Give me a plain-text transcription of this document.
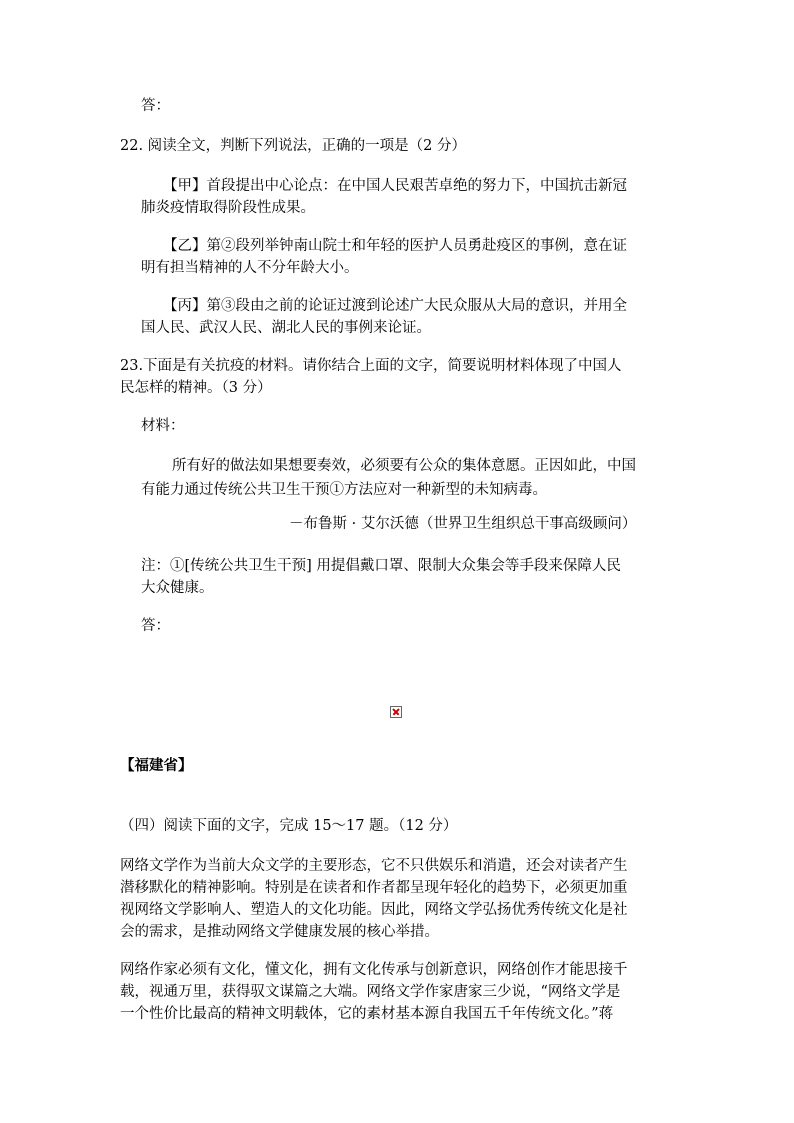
答：
22. 阅读全文，判断下列说法，正确的一项是（2 分）
【甲】首段提出中心论点：在中国人民艰苦卓绝的努力下，中国抗击新冠
肺炎疫情取得阶段性成果。
【乙】第②段列举钟南山院士和年轻的医护人员勇赴疫区的事例，意在证
明有担当精神的人不分年龄大小。
【丙】第③段由之前的论证过渡到论述广大民众服从大局的意识，并用全
国人民、武汉人民、湖北人民的事例来论证。
23.下面是有关抗疫的材料。请你结合上面的文字，简要说明材料体现了中国人
民怎样的精神。（3 分）
材料：
所有好的做法如果想要奏效，必须要有公众的集体意愿。正因如此，中国
有能力通过传统公共卫生干预①方法应对一种新型的未知病毒。
－布鲁斯 · 艾尔沃德（世界卫生组织总干事高级顾问）
注：①[传统公共卫生干预] 用提倡戴口罩、限制大众集会等手段来保障人民
大众健康。
答：
【福建省】
（四）阅读下面的文字，完成 15～17 题。（12 分）
网络文学作为当前大众文学的主要形态，它不只供娱乐和消遣，还会对读者产生
潜移默化的精神影响。特别是在读者和作者都呈现年轻化的趋势下，必须更加重
视网络文学影响人、塑造人的文化功能。因此，网络文学弘扬优秀传统文化是社
会的需求，是推动网络文学健康发展的核心举措。
网络作家必须有文化，懂文化，拥有文化传承与创新意识，网络创作才能思接千
载，视通万里，获得驭文谋篇之大端。网络文学作家唐家三少说，“网络文学是
一个性价比最高的精神文明载体，它的素材基本源自我国五千年传统文化。”蒋
